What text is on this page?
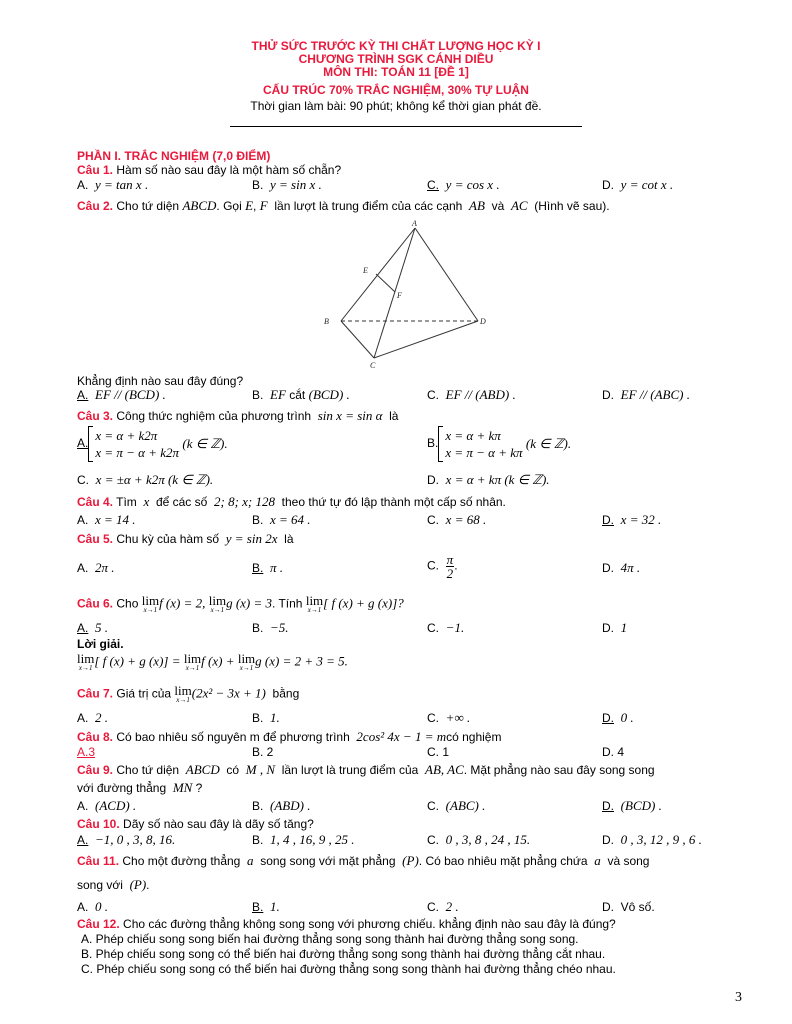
THỬ SỨC TRƯỚC KỲ THI CHẤT LƯỢNG HỌC KỲ I
CHƯƠNG TRÌNH SGK CÁNH DIỀU
MÔN THI: TOÁN 11 [ĐỀ 1]
CẤU TRÚC 70% TRẮC NGHIỆM, 30% TỰ LUẬN
Thời gian làm bài: 90 phút; không kể thời gian phát đề.
PHẦN I. TRẮC NGHIỆM (7,0 ĐIỂM)
Câu 1. Hàm số nào sau đây là một hàm số chẵn?
A. y = tan x .	B. y = sin x .	C. y = cos x .	D. y = cot x .
Câu 2. Cho tứ diện ABCD. Gọi E, F lần lượt là trung điểm của các cạnh AB và AC (Hình vẽ sau).
A
B
C
D
E
F
Khẳng định nào sau đây đúng?
A. EF // (BCD) .	B. EF cắt (BCD) .	C. EF // (ABD) .	D. EF // (ABC) .
Câu 3. Công thức nghiệm của phương trình sin x = sin α là
A.
x = α + k2π
x = π − α + k2π
(k ∈ ℤ).	B.
x = α + kπ
x = π − α + kπ
(k ∈ ℤ).
C. x = ±α + k2π (k ∈ ℤ).	D. x = α + kπ (k ∈ ℤ).
Câu 4. Tìm x để các số 2; 8; x; 128 theo thứ tự đó lập thành một cấp số nhân.
A. x = 14 .	B. x = 64 .	C. x = 68 .	D. x = 32 .
Câu 5. Chu kỳ của hàm số y = sin 2x là
A. 2π .	B. π .	C. $\frac{\pi}{2}$ .	D. 4π .
Câu 6. Cho lim
x→1 f (x) = 2, lim
x→1 g (x) = 3. Tính lim
x→1 [ f (x) + g (x)]?
A. 5 .	B. −5.	C. −1.	D. 1
Lời giải.
lim
x→1 [ f (x) + g (x)] = lim
x→1 f (x) + lim
x→1 g (x) = 2 + 3 = 5.
Câu 7. Giá trị của lim
x→1 (2x² − 3x + 1) bằng
A. 2 .	B. 1.	C. +∞ .	D. 0 .
Câu 8. Có bao nhiêu số nguyên m để phương trình 2cos² 4x − 1 = mcó nghiệm
A.3	B. 2	C. 1	D. 4
Câu 9. Cho tứ diện ABCD có M , N lần lượt là trung điểm của AB, AC. Mặt phẳng nào sau đây song song
với đường thẳng MN ?
A. (ACD) .	B. (ABD) .	C. (ABC) .	D. (BCD) .
Câu 10. Dãy số nào sau đây là dãy số tăng?
A. −1, 0 , 3, 8, 16.	B. 1, 4 , 16, 9 , 25 .	C. 0 , 3, 8 , 24 , 15.	D. 0 , 3, 12 , 9 , 6 .
Câu 11. Cho một đường thẳng a song song với mặt phẳng (P). Có bao nhiêu mặt phẳng chứa a và song
song với (P).
A. 0 .	B. 1.	C. 2 .	D. Vô số.
Câu 12. Cho các đường thẳng không song song với phương chiếu. khẳng định nào sau đây là đúng?
A. Phép chiếu song song biến hai đường thẳng song song thành hai đường thẳng song song.
B. Phép chiếu song song có thể biến hai đường thẳng song song thành hai đường thẳng cắt nhau.
C. Phép chiếu song song có thể biến hai đường thẳng song song thành hai đường thẳng chéo nhau.
3
